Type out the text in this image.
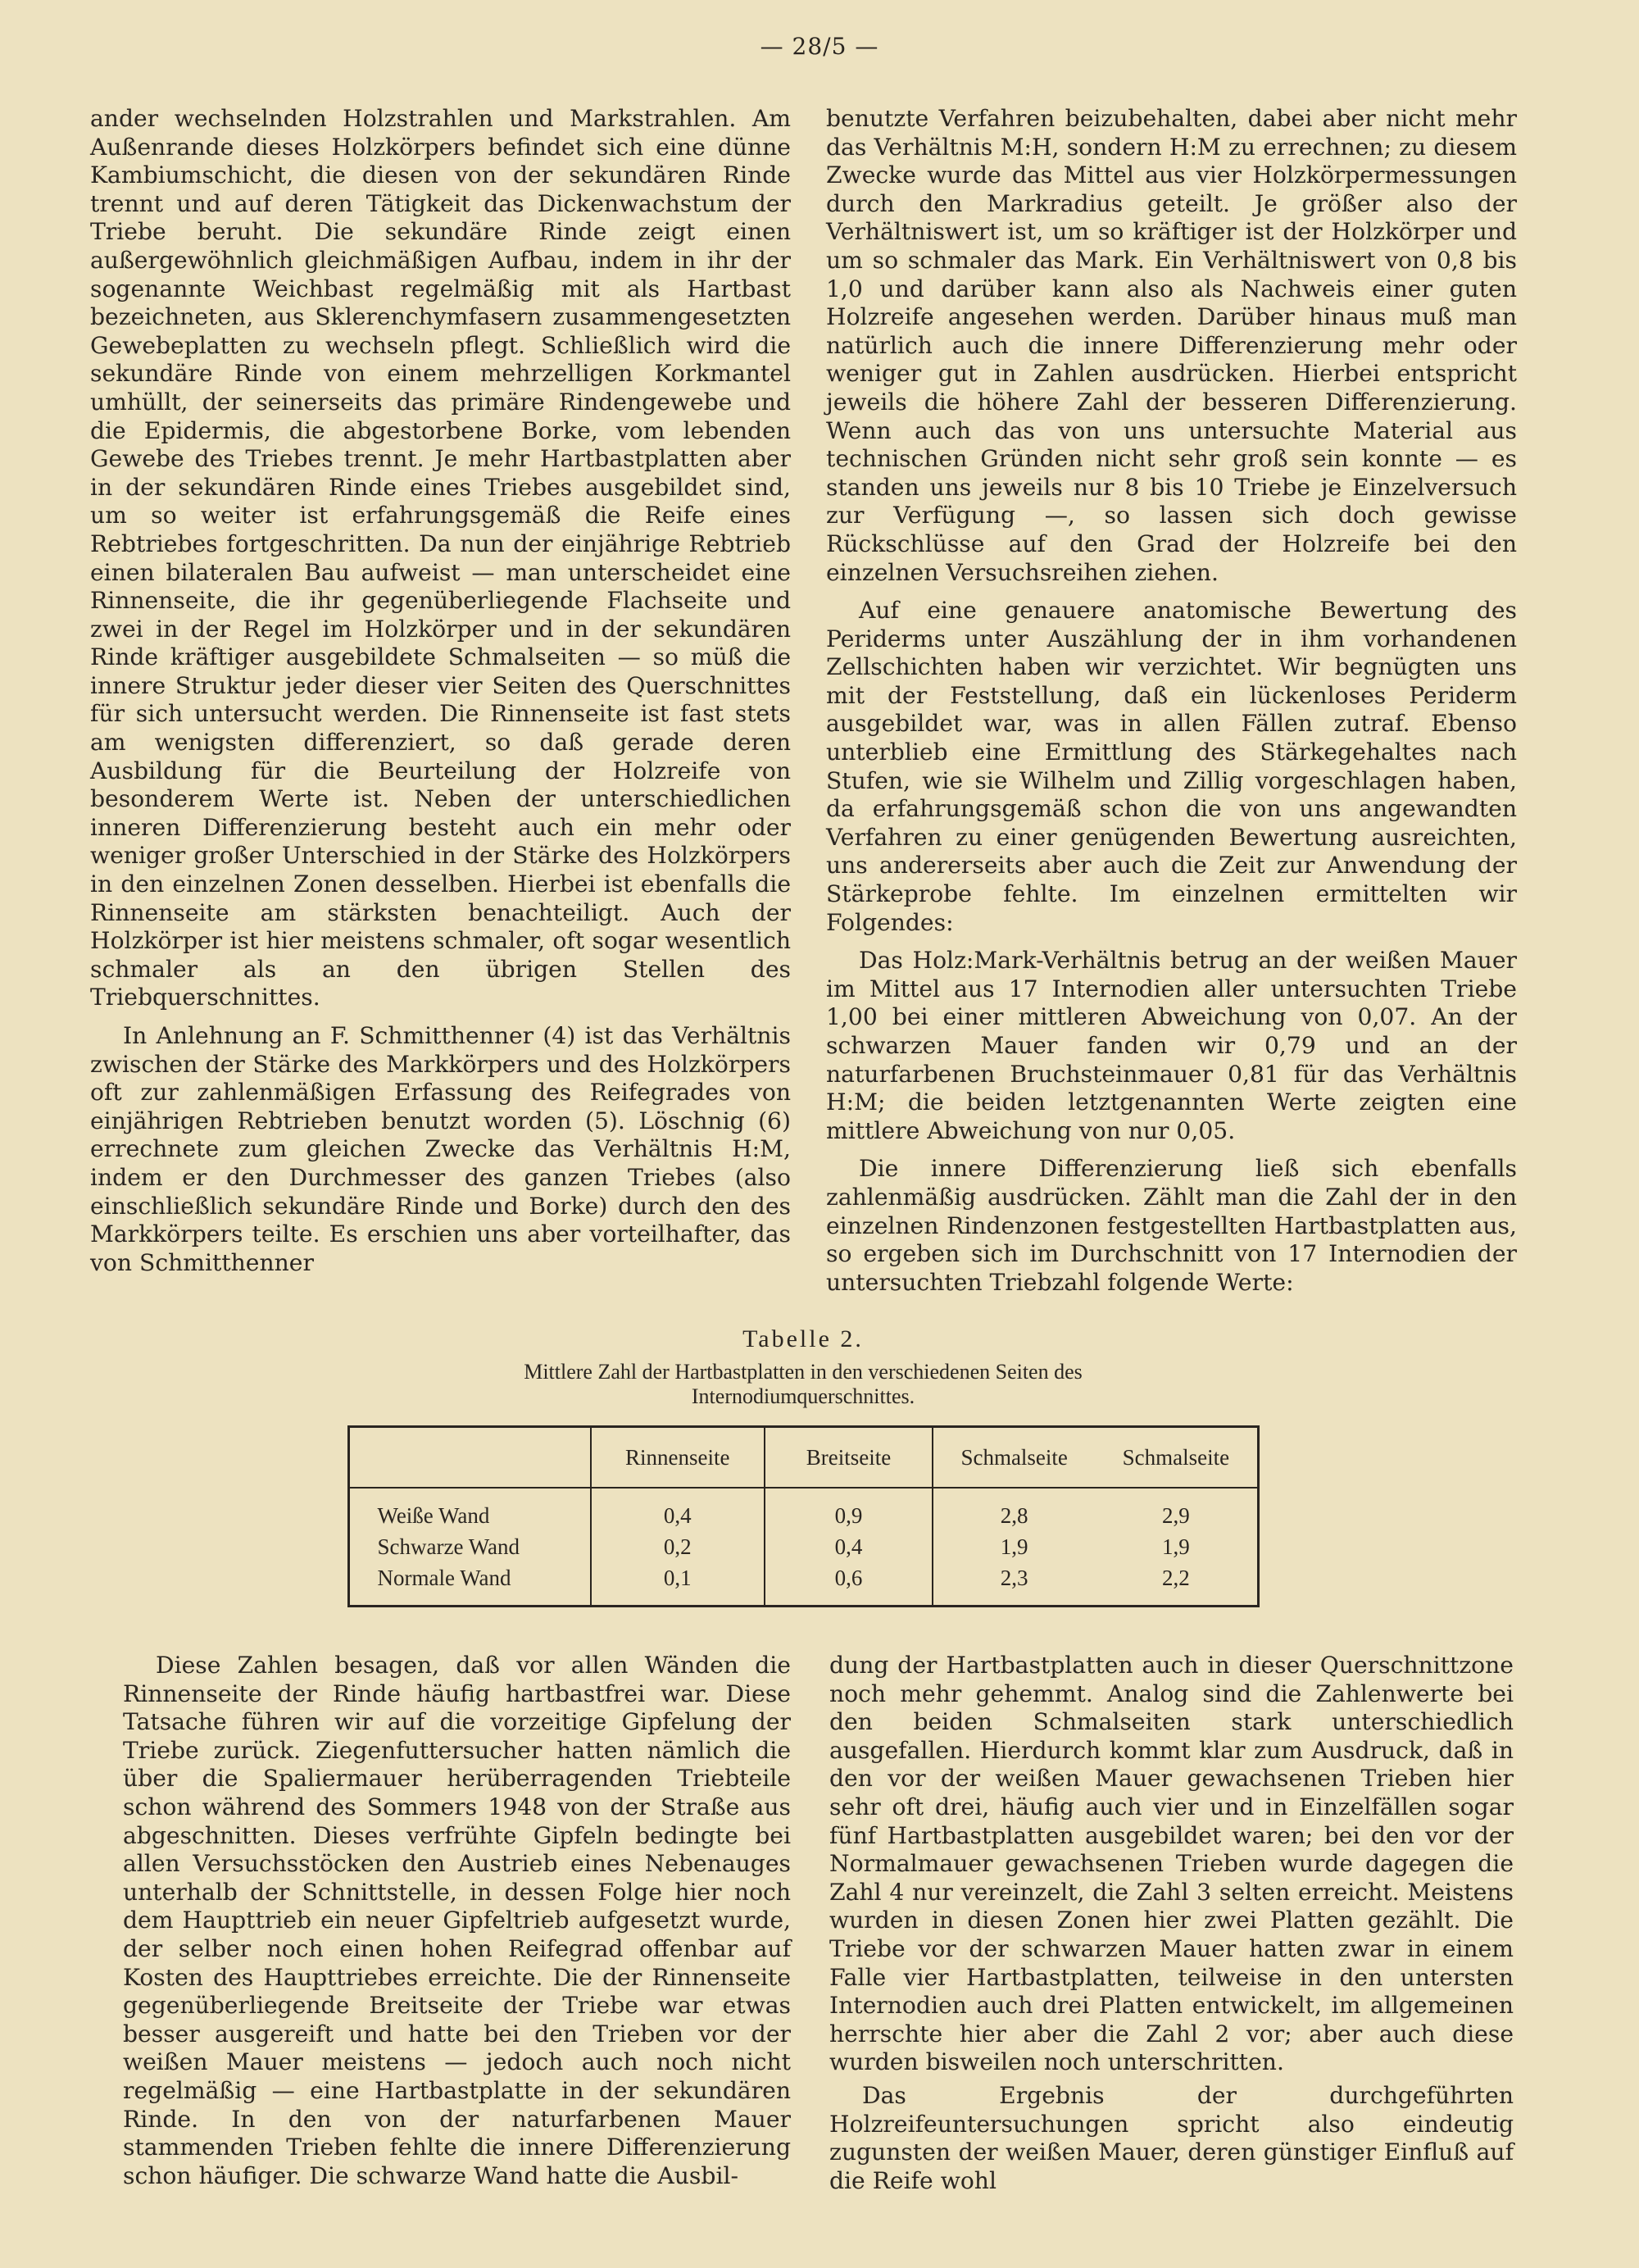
— 28/5 —

ander wechselnden Holzstrahlen und Markstrahlen. Am Außenrande dieses Holzkörpers befindet sich eine dünne Kambiumschicht, die diesen von der sekundären Rinde trennt und auf deren Tätigkeit das Dickenwachstum der Triebe beruht. Die sekundäre Rinde zeigt einen außergewöhnlich gleichmäßigen Aufbau, indem in ihr der sogenannte Weichbast regelmäßig mit als Hartbast bezeichneten, aus Sklerenchymfasern zusammengesetzten Gewebeplatten zu wechseln pflegt. Schließlich wird die sekundäre Rinde von einem mehrzelligen Korkmantel umhüllt, der seinerseits das primäre Rindengewebe und die Epidermis, die abgestorbene Borke, vom lebenden Gewebe des Triebes trennt. Je mehr Hartbastplatten aber in der sekundären Rinde eines Triebes ausgebildet sind, um so weiter ist erfahrungsgemäß die Reife eines Rebtriebes fortgeschritten. Da nun der einjährige Rebtrieb einen bilateralen Bau aufweist — man unterscheidet eine Rinnenseite, die ihr gegenüberliegende Flachseite und zwei in der Regel im Holzkörper und in der sekundären Rinde kräftiger ausgebildete Schmalseiten — so müß die innere Struktur jeder dieser vier Seiten des Querschnittes für sich untersucht werden. Die Rinnenseite ist fast stets am wenigsten differenziert, so daß gerade deren Ausbildung für die Beurteilung der Holzreife von besonderem Werte ist. Neben der unterschiedlichen inneren Differenzierung besteht auch ein mehr oder weniger großer Unterschied in der Stärke des Holzkörpers in den einzelnen Zonen desselben. Hierbei ist ebenfalls die Rinnenseite am stärksten benachteiligt. Auch der Holzkörper ist hier meistens schmaler, oft sogar wesentlich schmaler als an den übrigen Stellen des Triebquerschnittes.

In Anlehnung an F. Schmitthenner (4) ist das Verhältnis zwischen der Stärke des Markkörpers und des Holzkörpers oft zur zahlenmäßigen Erfassung des Reifegrades von einjährigen Rebtrieben benutzt worden (5). Löschnig (6) errechnete zum gleichen Zwecke das Verhältnis H:M, indem er den Durchmesser des ganzen Triebes (also einschließlich sekundäre Rinde und Borke) durch den des Markkörpers teilte. Es erschien uns aber vorteilhafter, das von Schmitthenner

benutzte Verfahren beizubehalten, dabei aber nicht mehr das Verhältnis M:H, sondern H:M zu errechnen; zu diesem Zwecke wurde das Mittel aus vier Holzkörpermessungen durch den Markradius geteilt. Je größer also der Verhältniswert ist, um so kräftiger ist der Holzkörper und um so schmaler das Mark. Ein Verhältniswert von 0,8 bis 1,0 und darüber kann also als Nachweis einer guten Holzreife angesehen werden. Darüber hinaus muß man natürlich auch die innere Differenzierung mehr oder weniger gut in Zahlen ausdrücken. Hierbei entspricht jeweils die höhere Zahl der besseren Differenzierung. Wenn auch das von uns untersuchte Material aus technischen Gründen nicht sehr groß sein konnte — es standen uns jeweils nur 8 bis 10 Triebe je Einzelversuch zur Verfügung —, so lassen sich doch gewisse Rückschlüsse auf den Grad der Holzreife bei den einzelnen Versuchsreihen ziehen.

Auf eine genauere anatomische Bewertung des Periderms unter Auszählung der in ihm vorhandenen Zellschichten haben wir verzichtet. Wir begnügten uns mit der Feststellung, daß ein lückenloses Periderm ausgebildet war, was in allen Fällen zutraf. Ebenso unterblieb eine Ermittlung des Stärkegehaltes nach Stufen, wie sie Wilhelm und Zillig vorgeschlagen haben, da erfahrungsgemäß schon die von uns angewandten Verfahren zu einer genügenden Bewertung ausreichten, uns andererseits aber auch die Zeit zur Anwendung der Stärkeprobe fehlte. Im einzelnen ermittelten wir Folgendes:

Das Holz:Mark-Verhältnis betrug an der weißen Mauer im Mittel aus 17 Internodien aller untersuchten Triebe 1,00 bei einer mittleren Abweichung von 0,07. An der schwarzen Mauer fanden wir 0,79 und an der naturfarbenen Bruchsteinmauer 0,81 für das Verhältnis H:M; die beiden letztgenannten Werte zeigten eine mittlere Abweichung von nur 0,05.

Die innere Differenzierung ließ sich ebenfalls zahlenmäßig ausdrücken. Zählt man die Zahl der in den einzelnen Rindenzonen festgestellten Hartbastplatten aus, so ergeben sich im Durchschnitt von 17 Internodien der untersuchten Triebzahl folgende Werte:

Tabelle 2.
Mittlere Zahl der Hartbastplatten in den verschiedenen Seiten des Internodiumquerschnittes.
	Rinnenseite	Breitseite	Schmalseite	Schmalseite
Weiße Wand	0,4	0,9	2,8	2,9
Schwarze Wand	0,2	0,4	1,9	1,9
Normale Wand	0,1	0,6	2,3	2,2

Diese Zahlen besagen, daß vor allen Wänden die Rinnenseite der Rinde häufig hartbastfrei war. Diese Tatsache führen wir auf die vorzeitige Gipfelung der Triebe zurück. Ziegenfuttersucher hatten nämlich die über die Spaliermauer herüberragenden Triebteile schon während des Sommers 1948 von der Straße aus abgeschnitten. Dieses verfrühte Gipfeln bedingte bei allen Versuchsstöcken den Austrieb eines Nebenauges unterhalb der Schnittstelle, in dessen Folge hier noch dem Haupttrieb ein neuer Gipfeltrieb aufgesetzt wurde, der selber noch einen hohen Reifegrad offenbar auf Kosten des Haupttriebes erreichte. Die der Rinnenseite gegenüberliegende Breitseite der Triebe war etwas besser ausgereift und hatte bei den Trieben vor der weißen Mauer meistens — jedoch auch noch nicht regelmäßig — eine Hartbastplatte in der sekundären Rinde. In den von der naturfarbenen Mauer stammenden Trieben fehlte die innere Differenzierung schon häufiger. Die schwarze Wand hatte die Ausbil-

dung der Hartbastplatten auch in dieser Querschnittzone noch mehr gehemmt. Analog sind die Zahlenwerte bei den beiden Schmalseiten stark unterschiedlich ausgefallen. Hierdurch kommt klar zum Ausdruck, daß in den vor der weißen Mauer gewachsenen Trieben hier sehr oft drei, häufig auch vier und in Einzelfällen sogar fünf Hartbastplatten ausgebildet waren; bei den vor der Normalmauer gewachsenen Trieben wurde dagegen die Zahl 4 nur vereinzelt, die Zahl 3 selten erreicht. Meistens wurden in diesen Zonen hier zwei Platten gezählt. Die Triebe vor der schwarzen Mauer hatten zwar in einem Falle vier Hartbastplatten, teilweise in den untersten Internodien auch drei Platten entwickelt, im allgemeinen herrschte hier aber die Zahl 2 vor; aber auch diese wurden bisweilen noch unterschritten.

Das Ergebnis der durchgeführten Holzreifeuntersuchungen spricht also eindeutig zugunsten der weißen Mauer, deren günstiger Einfluß auf die Reife wohl
